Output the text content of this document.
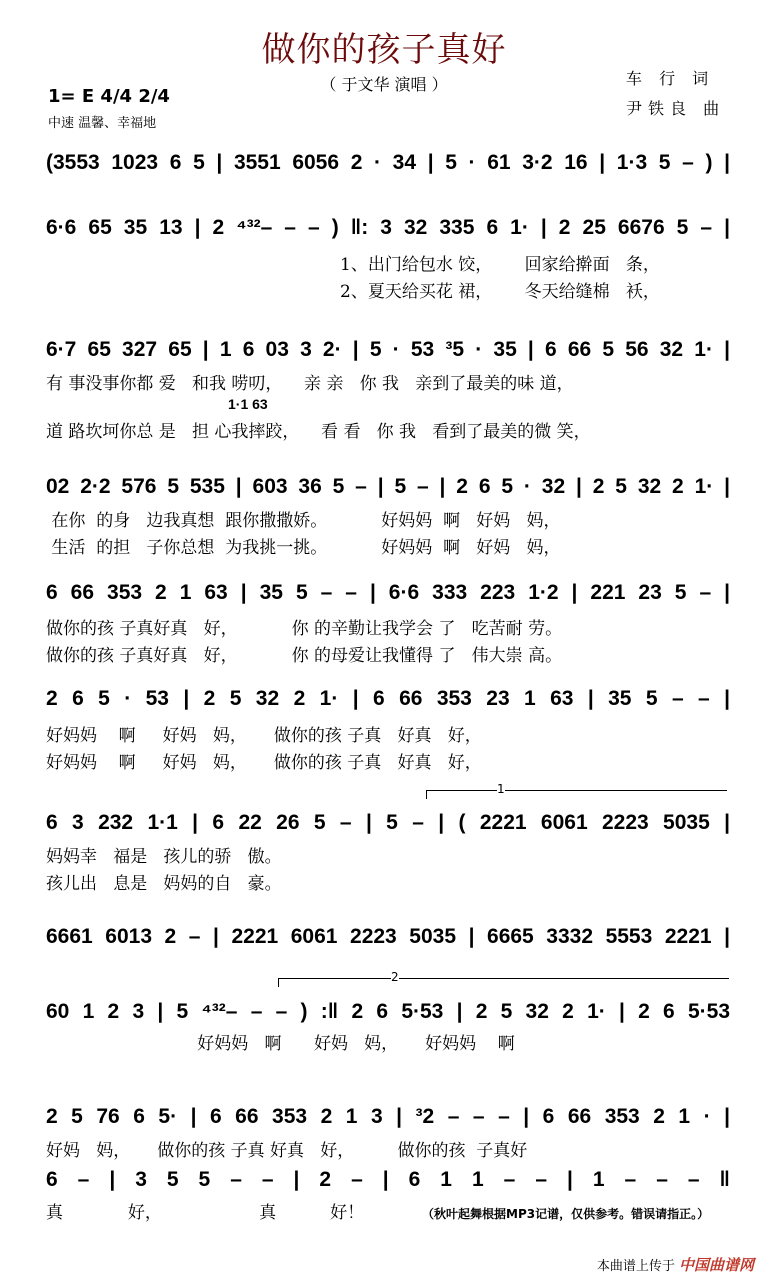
做你的孩子真好
（ 于文华 演唱 ）	车 行 词
尹铁良 曲
1= E 4/4 2/4
中速 温馨、幸福地
(3553 1023 6 5 | 3551 6056 2 · 34 | 5 · 61 3·2 16 | 1·3 5 – ) |
6·6 65 35 13 | 2 ⁴³²– – – ) ‖: 3 32 335 6 1· | 2 25 6676 5 – |
1、出门给包水 饺，      回家给擀面   条，
2、夏天给买花 裙，      冬天给缝棉   袄，
6·7 65 327 65 | 1 6 03 3 2· | 5 · 53 ³5 · 35 | 6 66 5 56 32 1· |
有 事没事你都 爱   和我 唠叨，    亲 亲   你 我   亲到了最美的味 道，
1·1 63
道 路坎坷你总 是   担 心我摔跤，    看 看   你 我   看到了最美的微 笑，
02 2·2 576 5 535 | 603 36 5 – | 5 – | 2 6 5 · 32 | 2 5 32 2 1· |
在你  的身   边我真想  跟你撒撒娇。          好妈妈  啊   好妈   妈，
生活  的担   子你总想  为我挑一挑。          好妈妈  啊   好妈   妈，
6 66 353 2 1 63 | 35 5 – – | 6·6 333 223 1·2 | 221 23 5 – |
做你的孩 子真好真   好，          你 的辛勤让我学会 了   吃苦耐 劳。
做你的孩 子真好真   好，          你 的母爱让我懂得 了   伟大崇 高。
2 6 5 · 53 | 2 5 32 2 1· | 6 66 353 23 1 63 | 35 5 – – |
好妈妈    啊     好妈   妈，     做你的孩 子真   好真   好，
好妈妈    啊     好妈   妈，     做你的孩 子真   好真   好，
1
6 3 232 1·1 | 6 22 26 5 – | 5 – | ( 2221 6061 2223 5035 |
妈妈幸   福是   孩儿的骄   傲。
孩儿出   息是   妈妈的自   豪。
6661 6013 2 – | 2221 6061 2223 5035 | 6665 3332 5553 2221 |
2
60 1 2 3 | 5 ⁴³²– – – ) :‖ 2 6 5·53 | 2 5 32 2 1· | 2 6 5·53
好妈妈   啊      好妈   妈，     好妈妈    啊
2 5 76 6 5· | 6 66 353 2 1 3 | ³2 – – – | 6 66 353 2 1 · |
好妈   妈，     做你的孩 子真 好真   好，        做你的孩  子真好
6 – | 3 5 5 – – | 2 – | 6 1 1 – – | 1 – – – ‖
真            好，                  真          好！	（秋叶起舞根据MP3记谱，仅供参考。错误请指正。）
本曲谱上传于 中国曲谱网
